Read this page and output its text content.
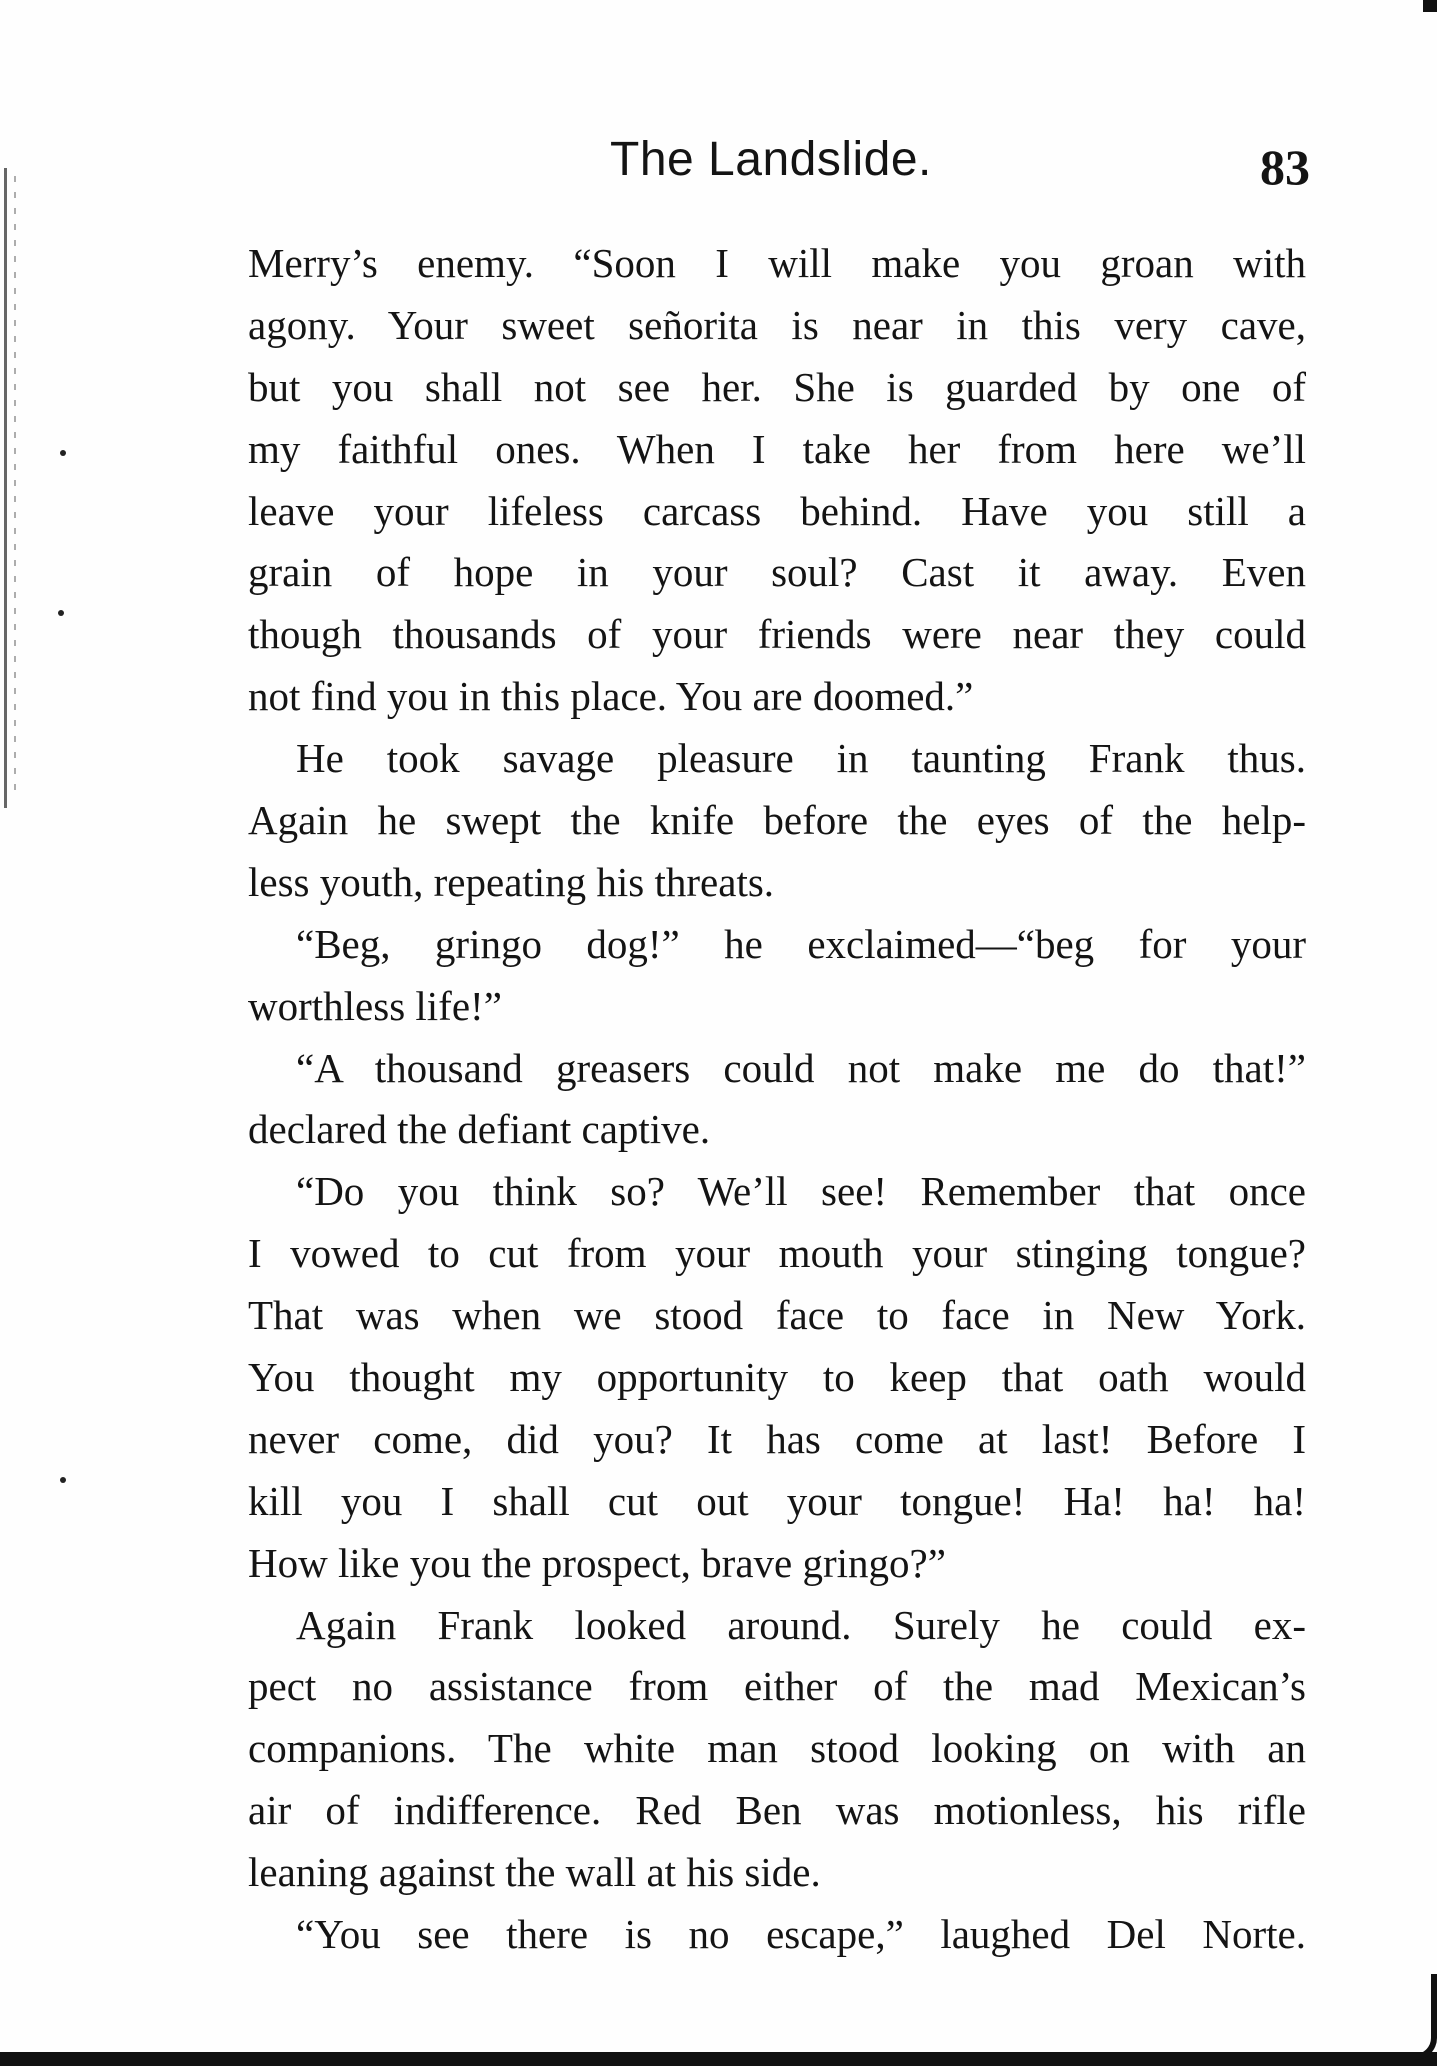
The Landslide.	83
Merry’s enemy. “Soon I will make you groan with
agony. Your sweet señorita is near in this very cave,
but you shall not see her. She is guarded by one of
my faithful ones. When I take her from here we’ll
leave your lifeless carcass behind. Have you still a
grain of hope in your soul? Cast it away. Even
though thousands of your friends were near they could
not find you in this place. You are doomed.”
He took savage pleasure in taunting Frank thus.
Again he swept the knife before the eyes of the help-
less youth, repeating his threats.
“Beg, gringo dog!” he exclaimed—“beg for your
worthless life!”
“A thousand greasers could not make me do that!”
declared the defiant captive.
“Do you think so? We’ll see! Remember that once
I vowed to cut from your mouth your stinging tongue?
That was when we stood face to face in New York.
You thought my opportunity to keep that oath would
never come, did you? It has come at last! Before I
kill you I shall cut out your tongue! Ha! ha! ha!
How like you the prospect, brave gringo?”
Again Frank looked around. Surely he could ex-
pect no assistance from either of the mad Mexican’s
companions. The white man stood looking on with an
air of indifference. Red Ben was motionless, his rifle
leaning against the wall at his side.
“You see there is no escape,” laughed Del Norte.
